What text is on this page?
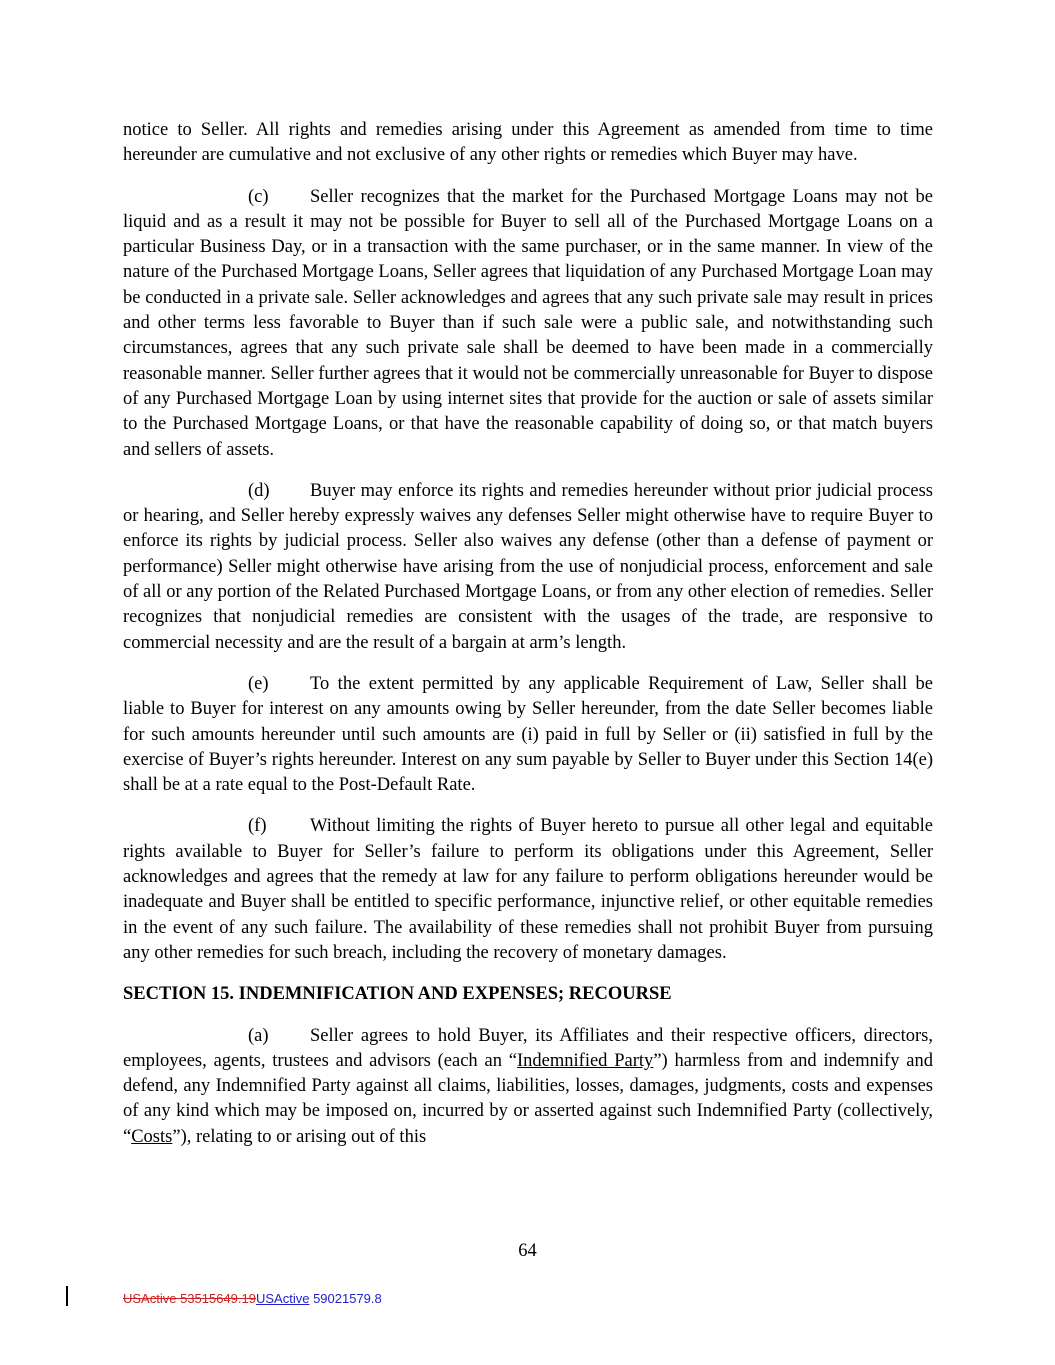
notice to Seller. All rights and remedies arising under this Agreement as amended from time to time hereunder are cumulative and not exclusive of any other rights or remedies which Buyer may have.

(c) Seller recognizes that the market for the Purchased Mortgage Loans may not be liquid and as a result it may not be possible for Buyer to sell all of the Purchased Mortgage Loans on a particular Business Day, or in a transaction with the same purchaser, or in the same manner. In view of the nature of the Purchased Mortgage Loans, Seller agrees that liquidation of any Purchased Mortgage Loan may be conducted in a private sale. Seller acknowledges and agrees that any such private sale may result in prices and other terms less favorable to Buyer than if such sale were a public sale, and notwithstanding such circumstances, agrees that any such private sale shall be deemed to have been made in a commercially reasonable manner. Seller further agrees that it would not be commercially unreasonable for Buyer to dispose of any Purchased Mortgage Loan by using internet sites that provide for the auction or sale of assets similar to the Purchased Mortgage Loans, or that have the reasonable capability of doing so, or that match buyers and sellers of assets.

(d) Buyer may enforce its rights and remedies hereunder without prior judicial process or hearing, and Seller hereby expressly waives any defenses Seller might otherwise have to require Buyer to enforce its rights by judicial process. Seller also waives any defense (other than a defense of payment or performance) Seller might otherwise have arising from the use of nonjudicial process, enforcement and sale of all or any portion of the Related Purchased Mortgage Loans, or from any other election of remedies. Seller recognizes that nonjudicial remedies are consistent with the usages of the trade, are responsive to commercial necessity and are the result of a bargain at arm’s length.

(e) To the extent permitted by any applicable Requirement of Law, Seller shall be liable to Buyer for interest on any amounts owing by Seller hereunder, from the date Seller becomes liable for such amounts hereunder until such amounts are (i) paid in full by Seller or (ii) satisfied in full by the exercise of Buyer’s rights hereunder. Interest on any sum payable by Seller to Buyer under this Section 14(e) shall be at a rate equal to the Post-Default Rate.

(f) Without limiting the rights of Buyer hereto to pursue all other legal and equitable rights available to Buyer for Seller’s failure to perform its obligations under this Agreement, Seller acknowledges and agrees that the remedy at law for any failure to perform obligations hereunder would be inadequate and Buyer shall be entitled to specific performance, injunctive relief, or other equitable remedies in the event of any such failure. The availability of these remedies shall not prohibit Buyer from pursuing any other remedies for such breach, including the recovery of monetary damages.

SECTION 15. INDEMNIFICATION AND EXPENSES; RECOURSE

(a) Seller agrees to hold Buyer, its Affiliates and their respective officers, directors, employees, agents, trustees and advisors (each an “Indemnified Party”) harmless from and indemnify and defend, any Indemnified Party against all claims, liabilities, losses, damages, judgments, costs and expenses of any kind which may be imposed on, incurred by or asserted against such Indemnified Party (collectively, “Costs”), relating to or arising out of this

64
USActive 53515649.19USActive 59021579.8
